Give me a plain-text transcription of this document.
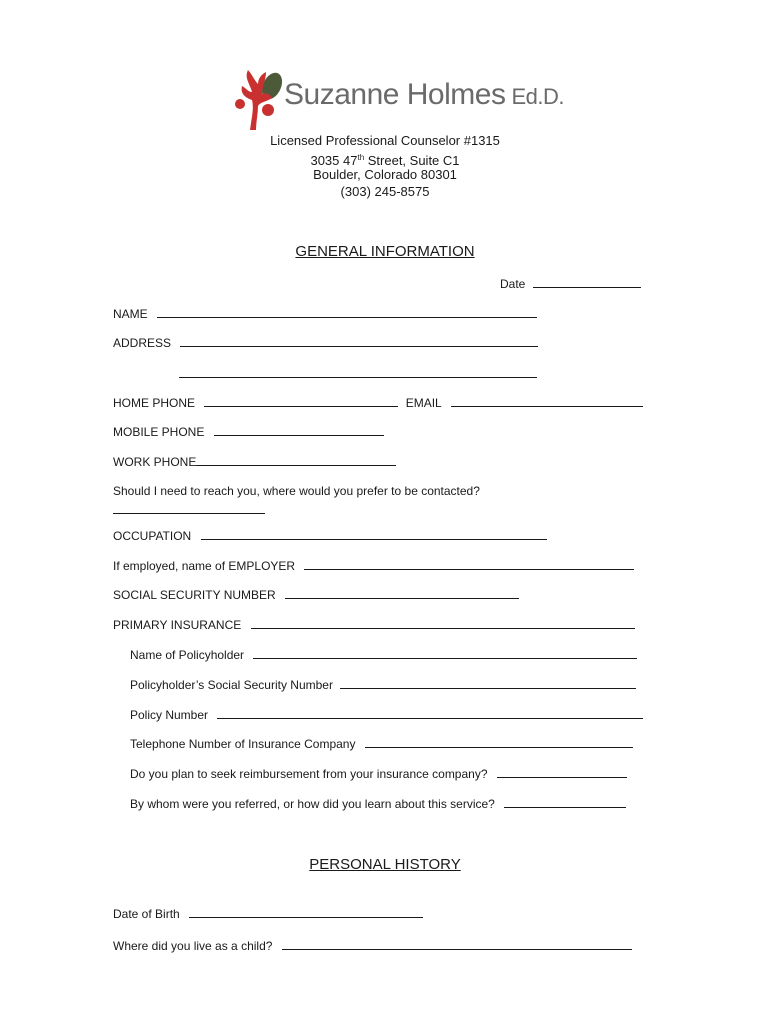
Suzanne Holmes Ed.D.
Licensed Professional Counselor #1315
3035 47th Street, Suite C1
Boulder, Colorado 80301
(303) 245-8575
GENERAL INFORMATION
Date
NAME
ADDRESS
HOME PHONE	EMAIL
MOBILE PHONE
WORK PHONE
Should I need to reach you, where would you prefer to be contacted?
OCCUPATION
If employed, name of EMPLOYER
SOCIAL SECURITY NUMBER
PRIMARY INSURANCE
Name of Policyholder
Policyholder’s Social Security Number
Policy Number
Telephone Number of Insurance Company
Do you plan to seek reimbursement from your insurance company?
By whom were you referred, or how did you learn about this service?
PERSONAL HISTORY
Date of Birth
Where did you live as a child?
